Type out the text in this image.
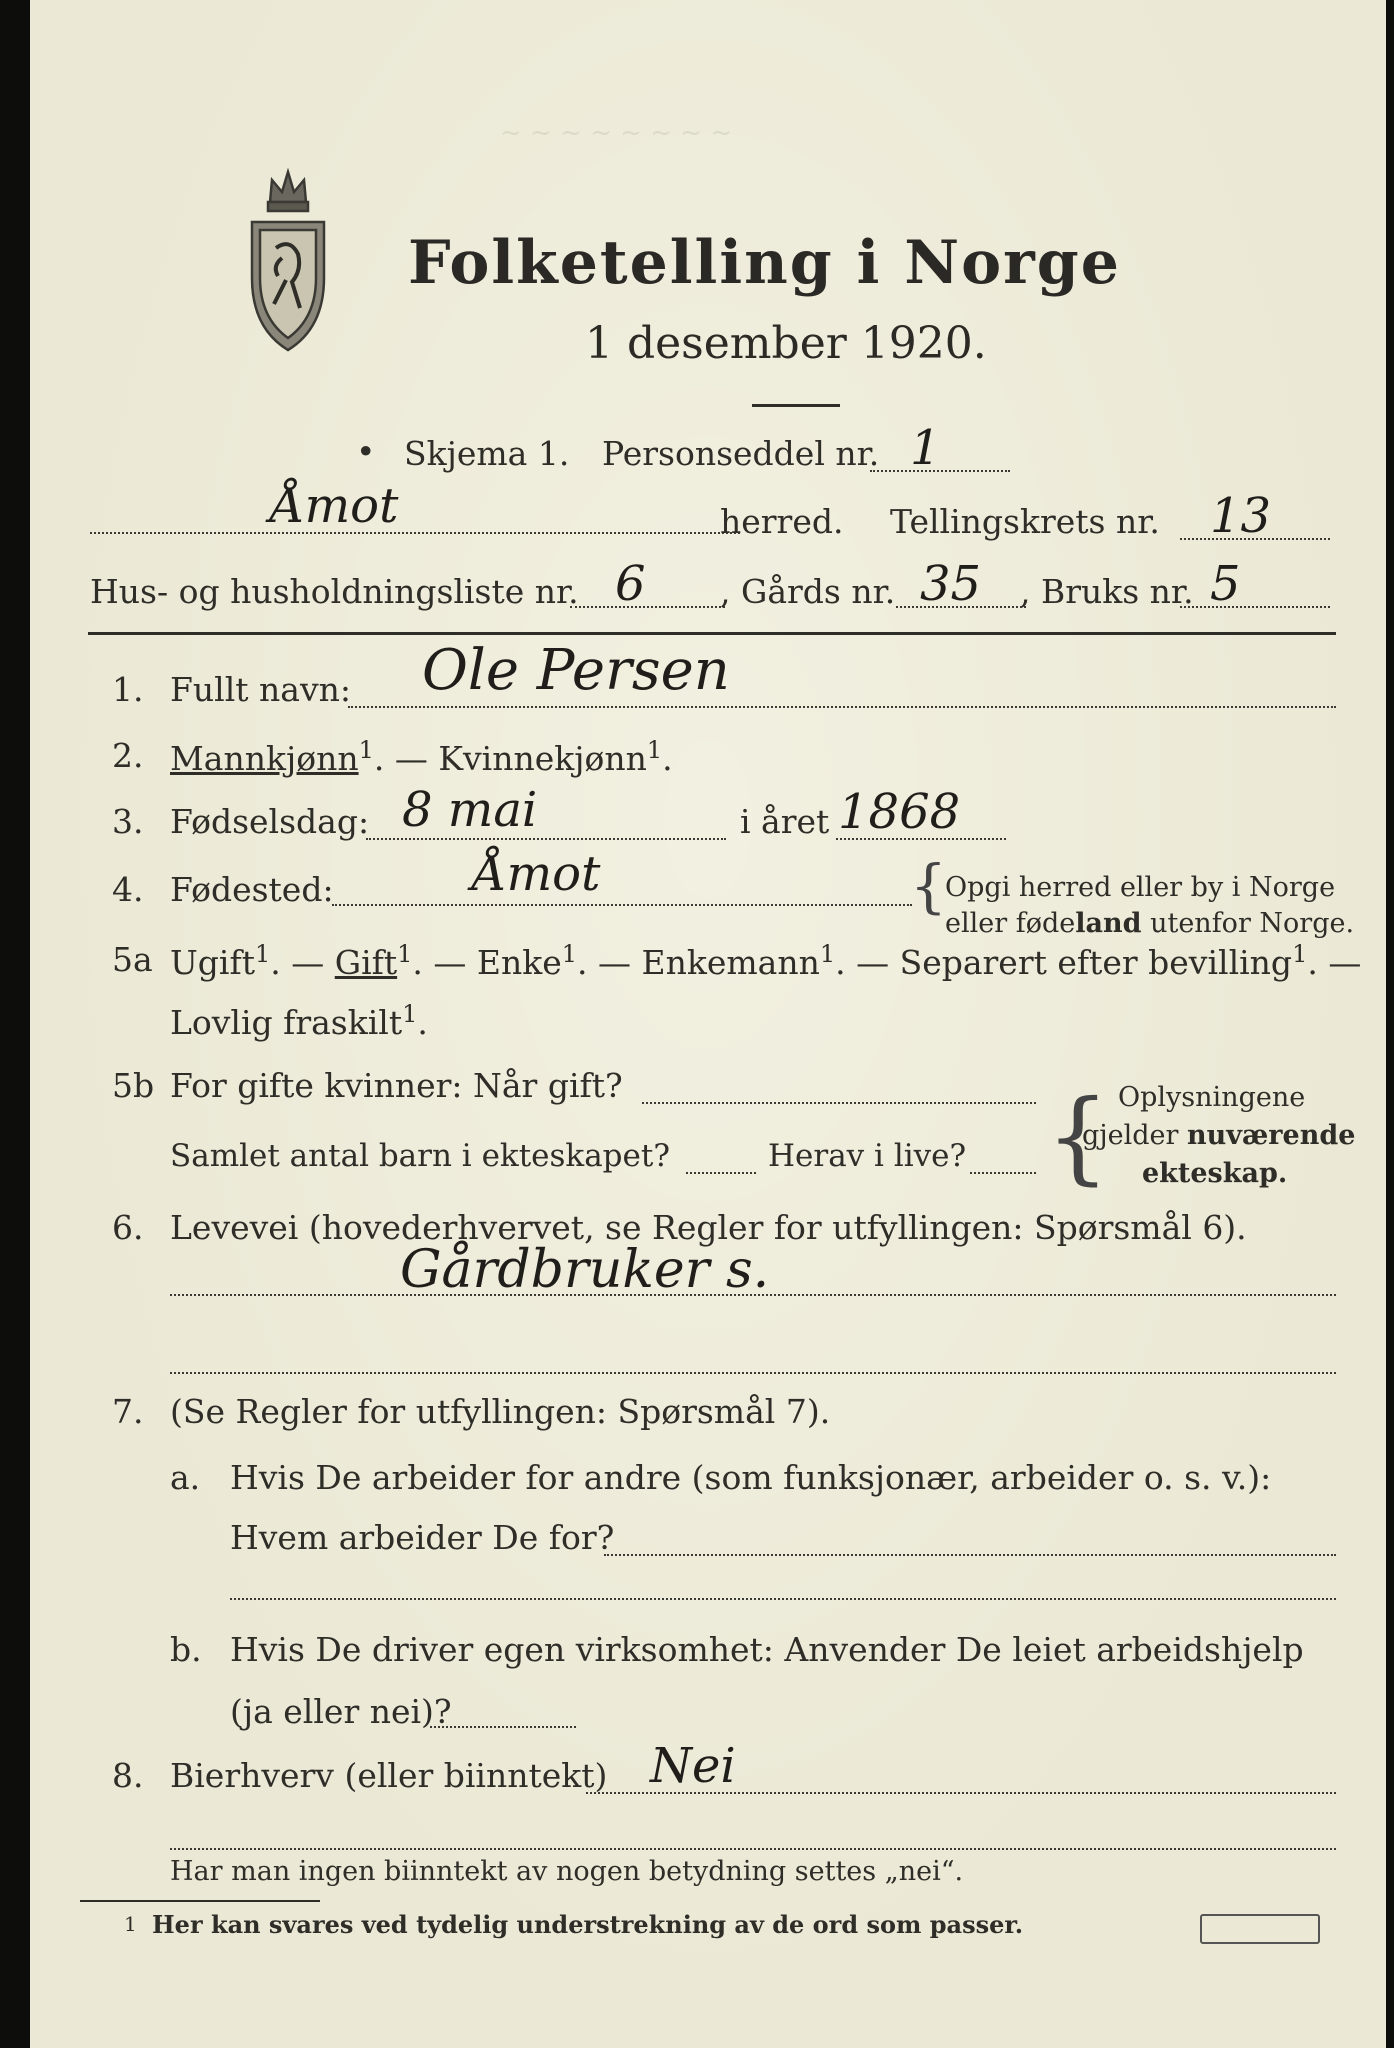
~ ~ ~ ~ ~ ~ ~ ~
Folketelling i Norge
1 desember 1920.
• Skjema 1. Personseddel nr. 1
Åmot	herred. Tellingskrets nr. 13
Hus- og husholdningsliste nr. 6 , Gårds nr. 35 , Bruks nr. 5
1. Fullt navn: Ole Persen
2. Mannkjønn$^1$. — Kvinnekjønn$^1$.
3. Fødselsdag: 8 mai	i året 1868
4. Fødested:	Åmot	{
Opgi herred eller by i Norge
eller fødeland utenfor Norge.
5a Ugift$^1$. — Gift$^1$. — Enke$^1$. — Enkemann$^1$. — Separert efter bevilling$^1$. —
Lovlig fraskilt$^1$.
5b For gifte kvinner: Når gift?
Samlet antal barn i ekteskapet?	Herav i live? { Oplysningene
gjelder nuværende
ekteskap.
6. Levevei (hovederhvervet, se Regler for utfyllingen: Spørsmål 6).
Gårdbruker s.
7. (Se Regler for utfyllingen: Spørsmål 7).
a. Hvis De arbeider for andre (som funksjonær, arbeider o. s. v.):
Hvem arbeider De for?
b. Hvis De driver egen virksomhet: Anvender De leiet arbeidshjelp
(ja eller nei)?
8. Bierhverv (eller biinntekt) Nei
Har man ingen biinntekt av nogen betydning settes „nei“.
1 Her kan svares ved tydelig understrekning av de ord som passer.
